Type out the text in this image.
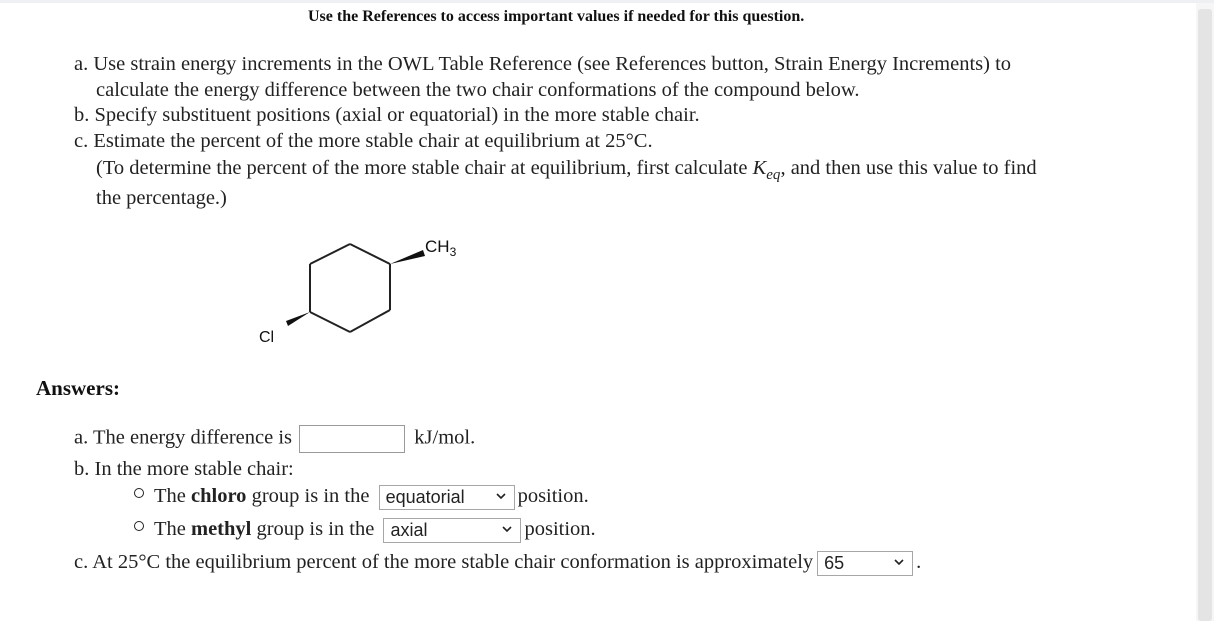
Use the References to access important values if needed for this question.
a. Use strain energy increments in the OWL Table Reference (see References button, Strain Energy Increments) to
calculate the energy difference between the two chair conformations of the compound below.
b. Specify substituent positions (axial or equatorial) in the more stable chair.
c. Estimate the percent of the more stable chair at equilibrium at 25°C.
(To determine the percent of the more stable chair at equilibrium, first calculate $K_{eq}$, and then use this value to find
the percentage.)
$CH_3$
Cl
Answers:
a. The energy difference is	kJ/mol.
b. In the more stable chair:
The chloro group is in the equatorial	position.
The methyl group is in the axial	position.
c. At 25°C the equilibrium percent of the more stable chair conformation is approximately 65	.
